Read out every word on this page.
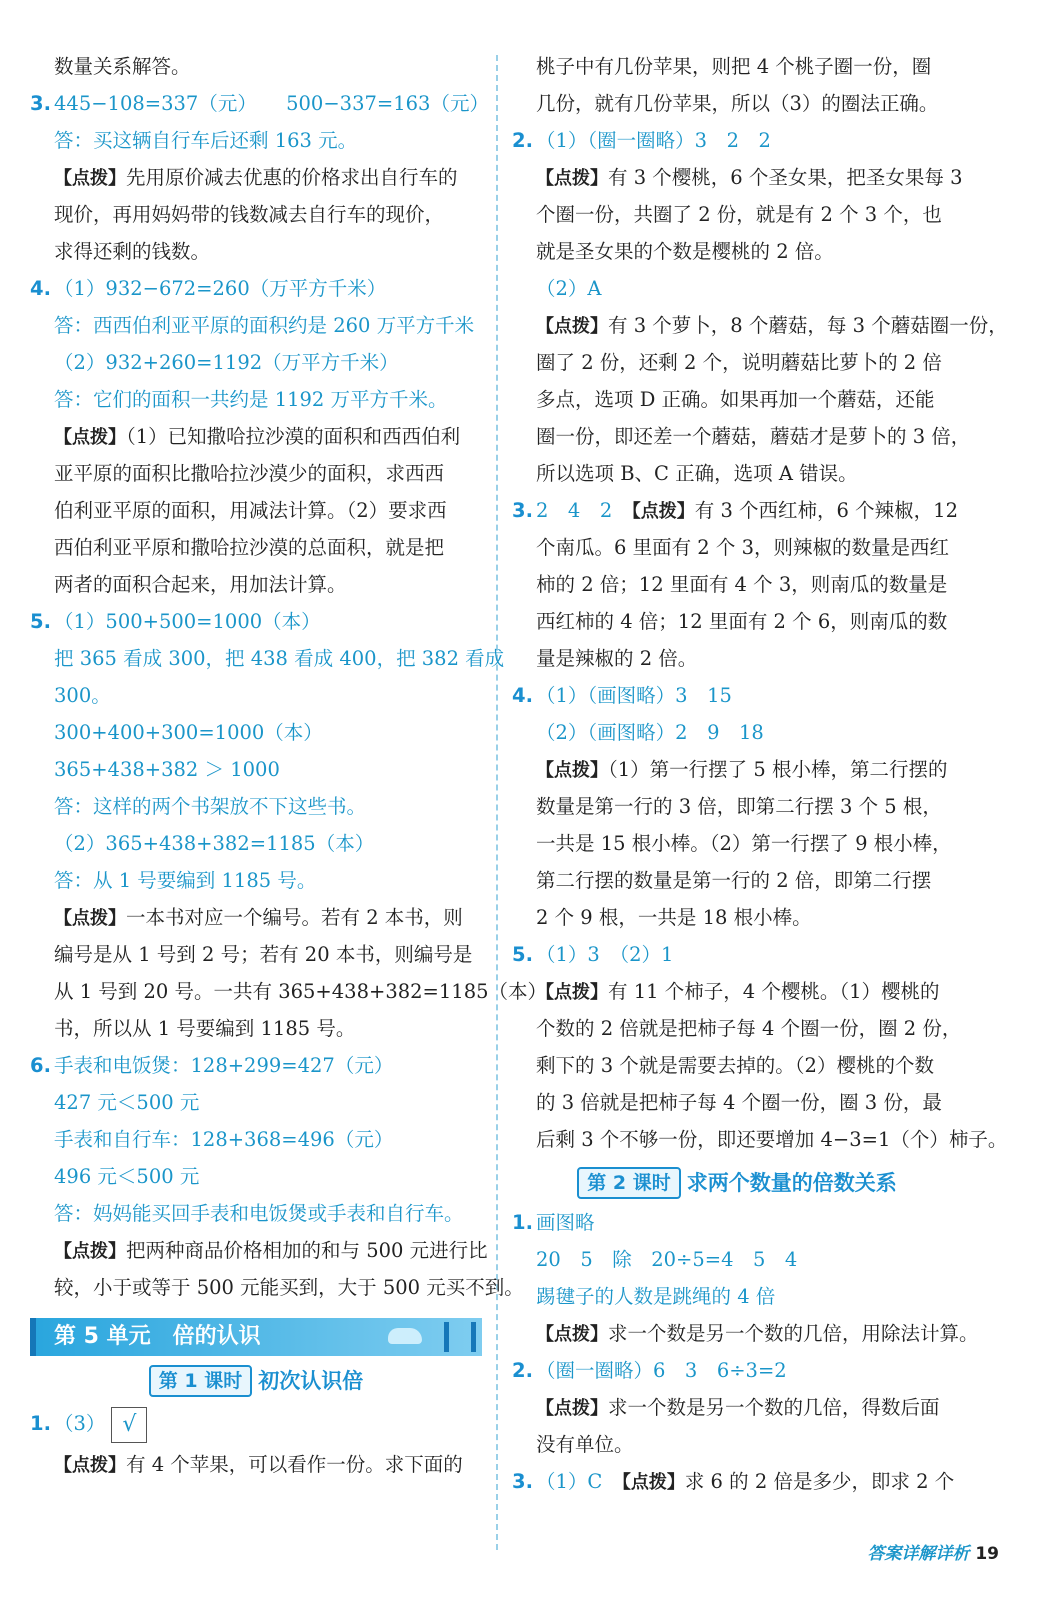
数量关系解答。
3. 445−108=337（元）　　 500−337=163（元）
答：买这辆自行车后还剩 163 元。
【点拨】先用原价减去优惠的价格求出自行车的
现价，再用妈妈带的钱数减去自行车的现价，
求得还剩的钱数。
4. （1）932−672=260（万平方千米）
答：西西伯利亚平原的面积约是 260 万平方千米
（2）932+260=1192（万平方千米）
答：它们的面积一共约是 1192 万平方千米。
【点拨】（1）已知撒哈拉沙漠的面积和西西伯利
亚平原的面积比撒哈拉沙漠少的面积，求西西
伯利亚平原的面积，用减法计算。（2）要求西
西伯利亚平原和撒哈拉沙漠的总面积，就是把
两者的面积合起来，用加法计算。
5. （1）500+500=1000（本）
把 365 看成 300，把 438 看成 400，把 382 看成
300。
300+400+300=1000（本）
365+438+382 ＞ 1000
答：这样的两个书架放不下这些书。
（2）365+438+382=1185（本）
答：从 1 号要编到 1185 号。
【点拨】一本书对应一个编号。若有 2 本书，则
编号是从 1 号到 2 号；若有 20 本书，则编号是
从 1 号到 20 号。一共有 365+438+382=1185（本）
书，所以从 1 号要编到 1185 号。
6. 手表和电饭煲：128+299=427（元）
427 元＜500 元
手表和自行车：128+368=496（元）
496 元＜500 元
答：妈妈能买回手表和电饭煲或手表和自行车。
【点拨】把两种商品价格相加的和与 500 元进行比
较，小于或等于 500 元能买到，大于 500 元买不到。
第 5 单元　倍的认识
第 1 课时 初次认识倍
1. （3） √
【点拨】有 4 个苹果，可以看作一份。求下面的
桃子中有几份苹果，则把 4 个桃子圈一份，圈
几份，就有几份苹果，所以（3）的圈法正确。
2. （1）（圈一圈略）3　2　2
【点拨】有 3 个樱桃，6 个圣女果，把圣女果每 3
个圈一份，共圈了 2 份，就是有 2 个 3 个，也
就是圣女果的个数是樱桃的 2 倍。
（2）A
【点拨】有 3 个萝卜，8 个蘑菇，每 3 个蘑菇圈一份，
圈了 2 份，还剩 2 个，说明蘑菇比萝卜的 2 倍
多点，选项 D 正确。如果再加一个蘑菇，还能
圈一份，即还差一个蘑菇，蘑菇才是萝卜的 3 倍，
所以选项 B、C 正确，选项 A 错误。
3. 2　4　2　 【点拨】有 3 个西红柿，6 个辣椒，12
个南瓜。6 里面有 2 个 3，则辣椒的数量是西红
柿的 2 倍；12 里面有 4 个 3，则南瓜的数量是
西红柿的 4 倍；12 里面有 2 个 6，则南瓜的数
量是辣椒的 2 倍。
4. （1）（画图略）3　15
（2）（画图略）2　9　18
【点拨】（1）第一行摆了 5 根小棒，第二行摆的
数量是第一行的 3 倍，即第二行摆 3 个 5 根，
一共是 15 根小棒。（2）第一行摆了 9 根小棒，
第二行摆的数量是第一行的 2 倍，即第二行摆
2 个 9 根，一共是 18 根小棒。
5. （1）3　（2）1
【点拨】有 11 个柿子，4 个樱桃。（1）樱桃的
个数的 2 倍就是把柿子每 4 个圈一份，圈 2 份，
剩下的 3 个就是需要去掉的。（2）樱桃的个数
的 3 倍就是把柿子每 4 个圈一份，圈 3 份，最
后剩 3 个不够一份，即还要增加 4−3=1（个）柿子。
第 2 课时 求两个数量的倍数关系
1. 画图略
20　5　除　20÷5=4　5　4
踢毽子的人数是跳绳的 4 倍
【点拨】求一个数是另一个数的几倍，用除法计算。
2. （圈一圈略）6　3　6÷3=2
【点拨】求一个数是另一个数的几倍，得数后面
没有单位。
3. （1）C　 【点拨】求 6 的 2 倍是多少，即求 2 个
答案详解详析 19
